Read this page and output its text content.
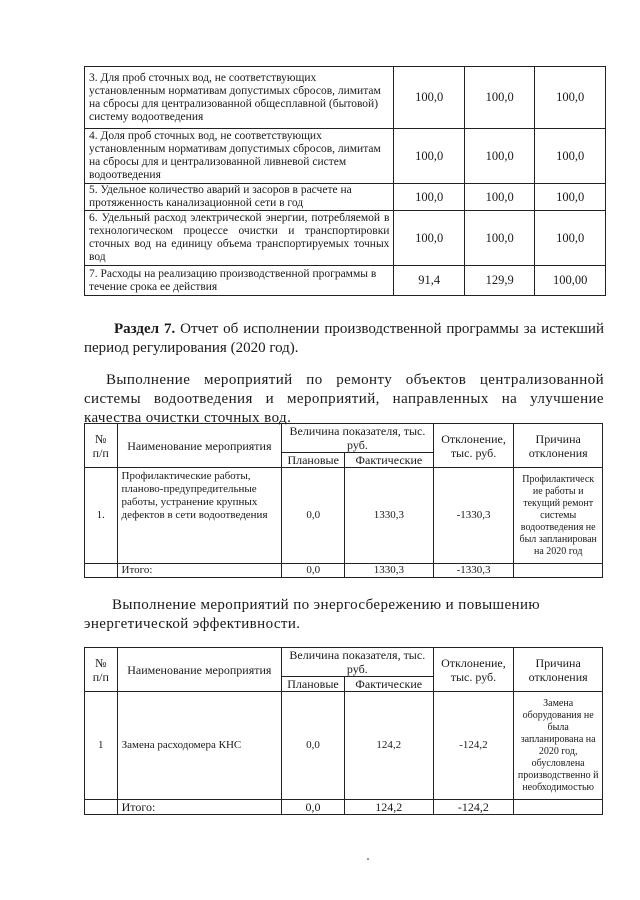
3. Для проб сточных вод, не соответствующих установленным нормативам допустимых сбросов, лимитам на сбросы для централизованной общесплавной (бытовой) систему водоотведения	100,0	100,0	100,0
4. Доля проб сточных вод, не соответствующих установленным нормативам допустимых сбросов, лимитам на сбросы для и централизованной ливневой систем водоотведения	100,0	100,0	100,0
5. Удельное количество аварий и засоров в расчете на протяженность канализационной сети в год	100,0	100,0	100,0
6. Удельный расход электрической энергии, потребляемой в технологическом процессе очистки и транспортировки сточных вод на единицу объема транспортируемых точных вод	100,0	100,0	100,0
7. Расходы на реализацию производственной программы в течение срока ее действия	91,4	129,9	100,00
Раздел 7. Отчет об исполнении производственной программы за истекший период регулирования (2020 год).
Выполнение мероприятий по ремонту объектов централизованной системы водоотведения и мероприятий, направленных на улучшение качества очистки сточных вод.
№ п/п	Наименование мероприятия	Величина показателя, тыс. руб.		Отклонение, тыс. руб.	Причина отклонения
		Плановые	Фактические		
1.	Профилактические работы, планово-предупредительные работы, устранение крупных дефектов в сети водоотведения	0,0	1330,3	-1330,3	Профилактическ ие работы и текущий ремонт системы водоотведения не был запланирован на 2020 год
	Итого:	0,0	1330,3	-1330,3	
Выполнение мероприятий по энергосбережению и повышению энергетической эффективности.
№ п/п	Наименование мероприятия	Величина показателя, тыс. руб.		Отклонение, тыс. руб.	Причина отклонения
		Плановые	Фактические		
1	Замена расходомера КНС	0,0	124,2	-124,2	Замена оборудования не была запланирована на 2020 год, обусловлена производственно й необходимостью
	Итого:	0,0	124,2	-124,2	
